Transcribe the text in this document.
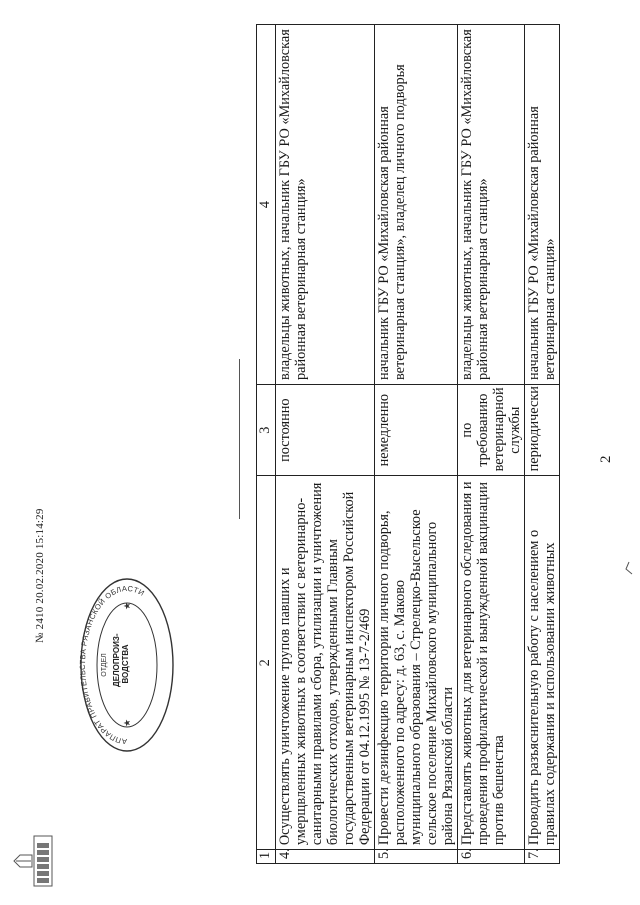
2
1	2	3	4
4.	Осуществлять уничтожение трупов павших и умерщвленных животных в соответствии с ветеринарно-санитарными правилами сбора, утилизации и уничтожения биологических отходов, утвержденными Главным государственным ветеринарным инспектором Российской Федерации от 04.12.1995 № 13-7-2/469	постоянно	владельцы животных, начальник ГБУ РО «Михайловская районная ветеринарная станция»
5.	Провести дезинфекцию территории личного подворья, расположенного по адресу: д. 63, с. Маково муниципального образования – Стрелецко-Высельское сельское поселение Михайловского муниципального района Рязанской области	немедленно	начальник ГБУ РО «Михайловская районная ветеринарная станция», владелец личного подворья
6.	Представлять животных для ветеринарного обследования и проведения профилактической и вынужденной вакцинации против бешенства	по требованию ветеринарной службы	владельцы животных, начальник ГБУ РО «Михайловская районная ветеринарная станция»
7.	Проводить разъяснительную работу с населением о правилах содержания и использовании животных	периодически	начальник ГБУ РО «Михайловская районная ветеринарная станция»
АППАРАТ ПРАВИТЕЛЬСТВА РЯЗАНСКОЙ ОБЛАСТИ
ОТДЕЛ
★
★
ДЕЛОПРОИЗ-ВОДСТВА
№ 2410 20.02.2020 15:14:29
